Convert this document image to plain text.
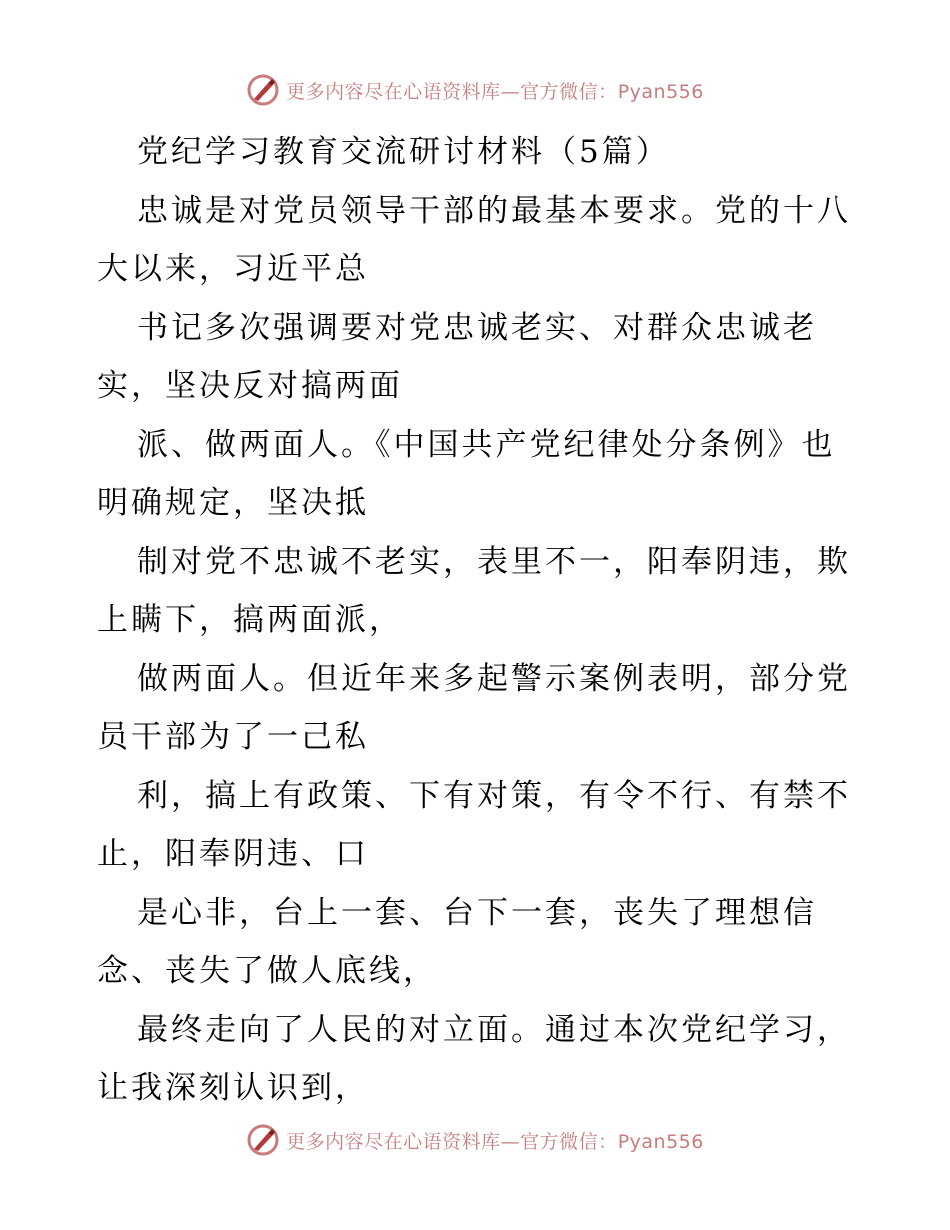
更多内容尽在心语资料库—官方微信：Pyan556
党纪学习教育交流研讨材料（5篇）
忠诚是对党员领导干部的最基本要求。党的十八
大以来，习近平总
书记多次强调要对党忠诚老实、对群众忠诚老
实，坚决反对搞两面
派、做两面人。《中国共产党纪律处分条例》也
明确规定，坚决抵
制对党不忠诚不老实，表里不一，阳奉阴违，欺
上瞒下，搞两面派，
做两面人。但近年来多起警示案例表明，部分党
员干部为了一己私
利，搞上有政策、下有对策，有令不行、有禁不
止，阳奉阴违、口
是心非，台上一套、台下一套，丧失了理想信
念、丧失了做人底线，
最终走向了人民的对立面。通过本次党纪学习，
让我深刻认识到，
更多内容尽在心语资料库—官方微信：Pyan556
